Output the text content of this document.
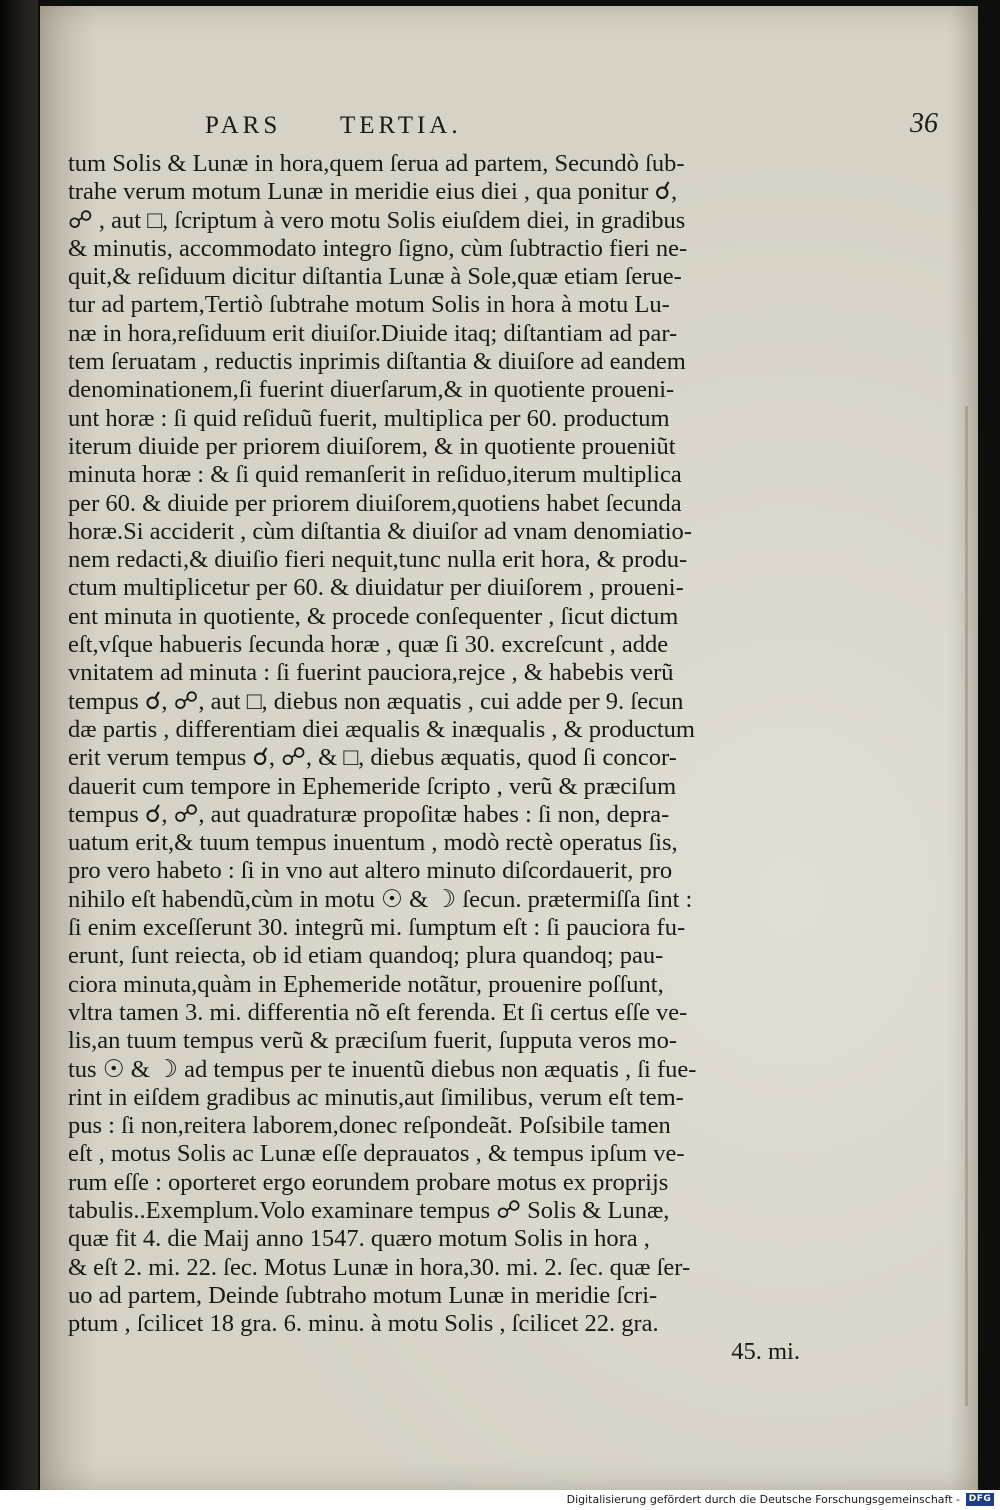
PARS TERTIA.	36
tum Solis & Lunæ in hora,quem ſerua ad partem, Secundò ſub-
trahe verum motum Lunæ in meridie eius diei , qua ponitur ☌,
☍ , aut □, ſcriptum à vero motu Solis eiuſdem diei, in gradibus
& minutis, accommodato integro ſigno, cùm ſubtractio fieri ne-
quit,& reſiduum dicitur diſtantia Lunæ à Sole,quæ etiam ſerue-
tur ad partem,Tertiò ſubtrahe motum Solis in hora à motu Lu-
næ in hora,reſiduum erit diuiſor.Diuide itaq; diſtantiam ad par-
tem ſeruatam , reductis inprimis diſtantia & diuiſore ad eandem
denominationem,ſi fuerint diuerſarum,& in quotiente proueni-
unt horæ : ſi quid reſiduũ fuerit, multiplica per 60. productum
iterum diuide per priorem diuiſorem, & in quotiente proueniũt
minuta horæ : & ſi quid remanſerit in reſiduo,iterum multiplica
per 60. & diuide per priorem diuiſorem,quotiens habet ſecunda
horæ.Si acciderit , cùm diſtantia & diuiſor ad vnam denomiatio-
nem redacti,& diuiſio fieri nequit,tunc nulla erit hora, & produ-
ctum multiplicetur per 60. & diuidatur per diuiſorem , proueni-
ent minuta in quotiente, & procede conſequenter , ſicut dictum
eſt,vſque habueris ſecunda horæ , quæ ſi 30. excreſcunt , adde
vnitatem ad minuta : ſi fuerint pauciora,rejce , & habebis verũ
tempus ☌, ☍, aut □, diebus non æquatis , cui adde per 9. ſecun
dæ partis , differentiam diei æqualis & inæqualis , & productum
erit verum tempus ☌, ☍, & □, diebus æquatis, quod ſi concor-
dauerit cum tempore in Ephemeride ſcripto , verũ & præciſum
tempus ☌, ☍, aut quadraturæ propoſitæ habes : ſi non, depra-
uatum erit,& tuum tempus inuentum , modò rectè operatus ſis,
pro vero habeto : ſi in vno aut altero minuto diſcordauerit, pro
nihilo eſt habendũ,cùm in motu ☉ & ☽ ſecun. prætermiſſa ſint :
ſi enim exceſſerunt 30. integrũ mi. ſumptum eſt : ſi pauciora fu-
erunt, ſunt reiecta, ob id etiam quandoq; plura quandoq; pau-
ciora minuta,quàm in Ephemeride notãtur, prouenire poſſunt,
vltra tamen 3. mi. differentia nõ eſt ferenda. Et ſi certus eſſe ve-
lis,an tuum tempus verũ & præciſum fuerit, ſupputa veros mo-
tus ☉ & ☽ ad tempus per te inuentũ diebus non æquatis , ſi fue-
rint in eiſdem gradibus ac minutis,aut ſimilibus, verum eſt tem-
pus : ſi non,reitera laborem,donec reſpondeãt. Poſsibile tamen
eſt , motus Solis ac Lunæ eſſe deprauatos , & tempus ipſum ve-
rum eſſe : oporteret ergo eorundem probare motus ex proprijs
tabulis..Exemplum.Volo examinare tempus ☍ Solis & Lunæ,
quæ fit 4. die Maij anno 1547. quæro motum Solis in hora ,
& eſt 2. mi. 22. ſec. Motus Lunæ in hora,30. mi. 2. ſec. quæ ſer-
uo ad partem, Deinde ſubtraho motum Lunæ in meridie ſcri-
ptum , ſcilicet 18 gra. 6. minu. à motu Solis , ſcilicet 22. gra.
45. mi.
Digitalisierung gefördert durch die Deutsche Forschungsgemeinschaft - DFG
